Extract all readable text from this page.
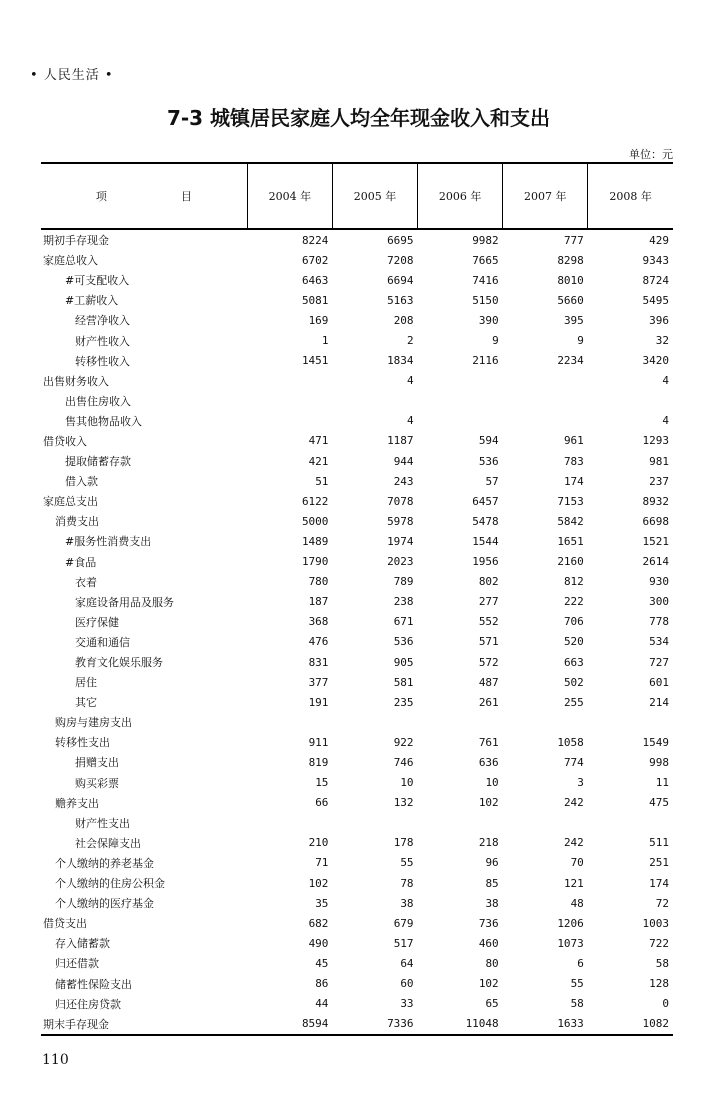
• 人民生活 •
7-3 城镇居民家庭人均全年现金收入和支出
单位：元
项 目	2004 年	2005 年	2006 年	2007 年	2008 年
期初手存现金	8224	6695	9982	777	429
家庭总收入	6702	7208	7665	8298	9343
#可支配收入	6463	6694	7416	8010	8724
#工薪收入	5081	5163	5150	5660	5495
经营净收入	169	208	390	395	396
财产性收入	1	2	9	9	32
转移性收入	1451	1834	2116	2234	3420
出售财务收入		4			4
出售住房收入					
售其他物品收入		4			4
借贷收入	471	1187	594	961	1293
提取储蓄存款	421	944	536	783	981
借入款	51	243	57	174	237
家庭总支出	6122	7078	6457	7153	8932
消费支出	5000	5978	5478	5842	6698
#服务性消费支出	1489	1974	1544	1651	1521
#食品	1790	2023	1956	2160	2614
衣着	780	789	802	812	930
家庭设备用品及服务	187	238	277	222	300
医疗保健	368	671	552	706	778
交通和通信	476	536	571	520	534
教育文化娱乐服务	831	905	572	663	727
居住	377	581	487	502	601
其它	191	235	261	255	214
购房与建房支出					
转移性支出	911	922	761	1058	1549
捐赠支出	819	746	636	774	998
购买彩票	15	10	10	3	11
赡养支出	66	132	102	242	475
财产性支出					
社会保障支出	210	178	218	242	511
个人缴纳的养老基金	71	55	96	70	251
个人缴纳的住房公积金	102	78	85	121	174
个人缴纳的医疗基金	35	38	38	48	72
借贷支出	682	679	736	1206	1003
存入储蓄款	490	517	460	1073	722
归还借款	45	64	80	6	58
储蓄性保险支出	86	60	102	55	128
归还住房贷款	44	33	65	58	0
期末手存现金	8594	7336	11048	1633	1082
110
